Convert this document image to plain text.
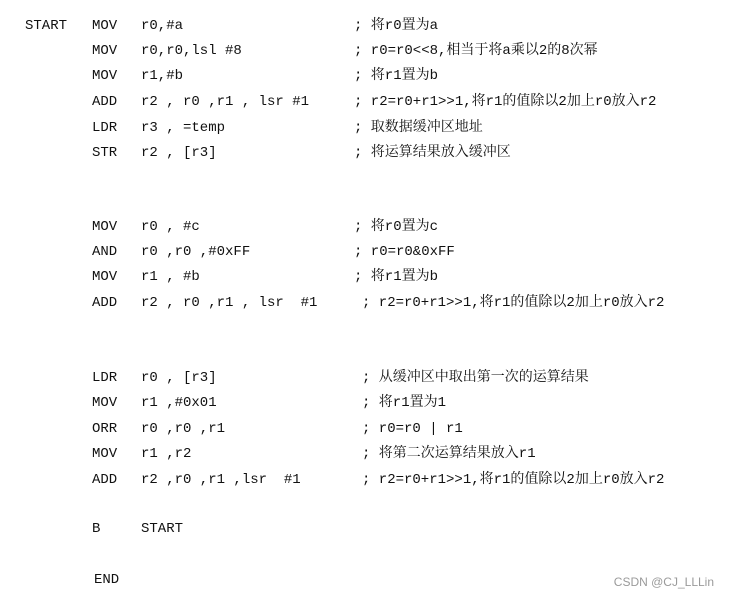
START MOV r0,#a	; 将r0置为a
MOV r0,r0,lsl #8	; r0=r0<<8,相当于将a乘以2的8次幂
MOV r1,#b	; 将r1置为b
ADD r2 , r0 ,r1 , lsr #1	; r2=r0+r1>>1,将r1的值除以2加上r0放入r2
LDR r3 , =temp	; 取数据缓冲区地址
STR r2 , [r3]	; 将运算结果放入缓冲区
MOV r0 , #c	; 将r0置为c
AND r0 ,r0 ,#0xFF	; r0=r0&0xFF
MOV r1 , #b	; 将r1置为b
ADD r2 , r0 ,r1 , lsr  #1	; r2=r0+r1>>1,将r1的值除以2加上r0放入r2
LDR r0 , [r3]	; 从缓冲区中取出第一次的运算结果
MOV r1 ,#0x01	; 将r1置为1
ORR r0 ,r0 ,r1	; r0=r0 | r1
MOV r1 ,r2	; 将第二次运算结果放入r1
ADD r2 ,r0 ,r1 ,lsr  #1	; r2=r0+r1>>1,将r1的值除以2加上r0放入r2
B	START
END	CSDN @CJ_LLLin
